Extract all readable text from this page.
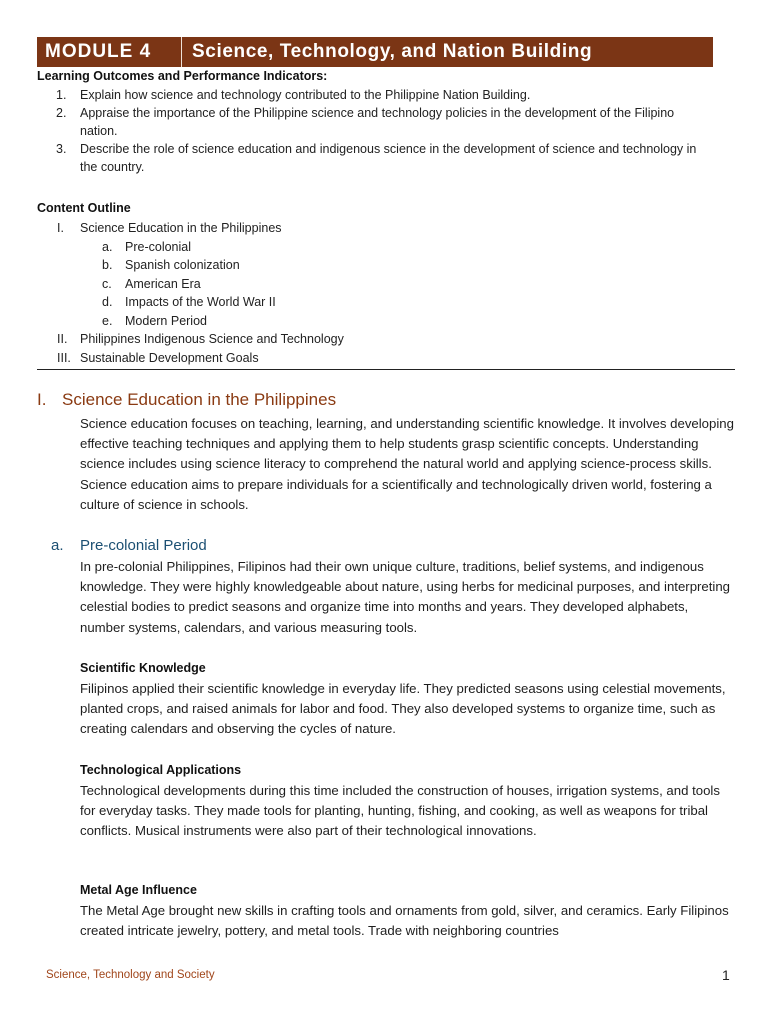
MODULE 4	Science, Technology, and Nation Building
Learning Outcomes and Performance Indicators:
1. Explain how science and technology contributed to the Philippine Nation Building.
2. Appraise the importance of the Philippine science and technology policies in the development of the Filipino nation.
3. Describe the role of science education and indigenous science in the development of science and technology in the country.
Content Outline
I. Science Education in the Philippines
a. Pre-colonial
b. Spanish colonization
c. American Era
d. Impacts of the World War II
e. Modern Period
II. Philippines Indigenous Science and Technology
III. Sustainable Development Goals
I. Science Education in the Philippines
Science education focuses on teaching, learning, and understanding scientific knowledge. It involves developing effective teaching techniques and applying them to help students grasp scientific concepts. Understanding science includes using science literacy to comprehend the natural world and applying science-process skills. Science education aims to prepare individuals for a scientifically and technologically driven world, fostering a culture of science in schools.
a. Pre-colonial Period
In pre-colonial Philippines, Filipinos had their own unique culture, traditions, belief systems, and indigenous knowledge. They were highly knowledgeable about nature, using herbs for medicinal purposes, and interpreting celestial bodies to predict seasons and organize time into months and years. They developed alphabets, number systems, calendars, and various measuring tools.
Scientific Knowledge
Filipinos applied their scientific knowledge in everyday life. They predicted seasons using celestial movements, planted crops, and raised animals for labor and food. They also developed systems to organize time, such as creating calendars and observing the cycles of nature.
Technological Applications
Technological developments during this time included the construction of houses, irrigation systems, and tools for everyday tasks. They made tools for planting, hunting, fishing, and cooking, as well as weapons for tribal conflicts. Musical instruments were also part of their technological innovations.
Metal Age Influence
The Metal Age brought new skills in crafting tools and ornaments from gold, silver, and ceramics. Early Filipinos created intricate jewelry, pottery, and metal tools. Trade with neighboring countries
Science, Technology and Society	1
